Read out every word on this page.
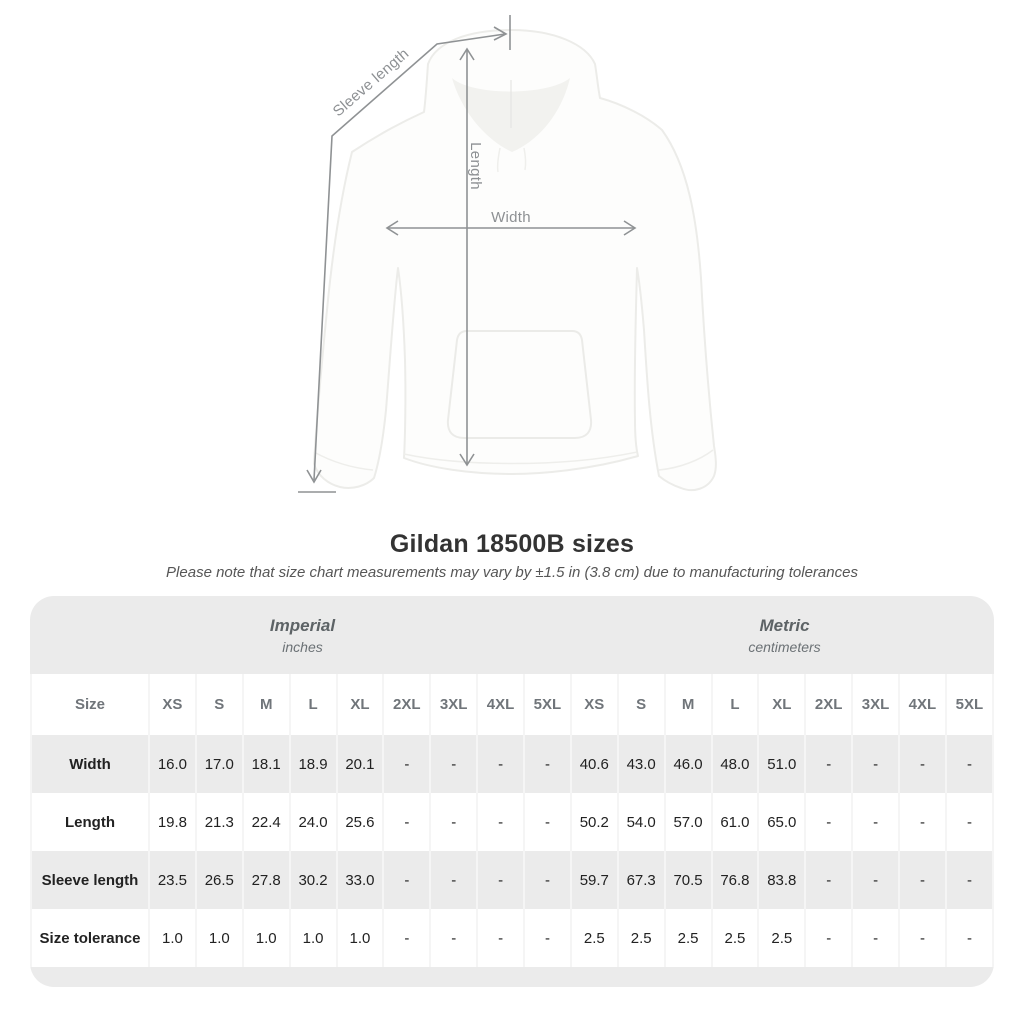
Sleeve length
Length
Width
Gildan 18500B sizes

Please note that size chart measurements may vary by ±1.5 in (3.8 cm) due to manufacturing tolerances

Imperial
inches
Metric
centimeters
Size	XS	S	M	L	XL	2XL	3XL	4XL	5XL	XS	S	M	L	XL	2XL	3XL	4XL	5XL
Width	16.0	17.0	18.1	18.9	20.1	-	-	-	-	40.6	43.0	46.0	48.0	51.0	-	-	-	-
Length	19.8	21.3	22.4	24.0	25.6	-	-	-	-	50.2	54.0	57.0	61.0	65.0	-	-	-	-
Sleeve length	23.5	26.5	27.8	30.2	33.0	-	-	-	-	59.7	67.3	70.5	76.8	83.8	-	-	-	-
Size tolerance	1.0	1.0	1.0	1.0	1.0	-	-	-	-	2.5	2.5	2.5	2.5	2.5	-	-	-	-
